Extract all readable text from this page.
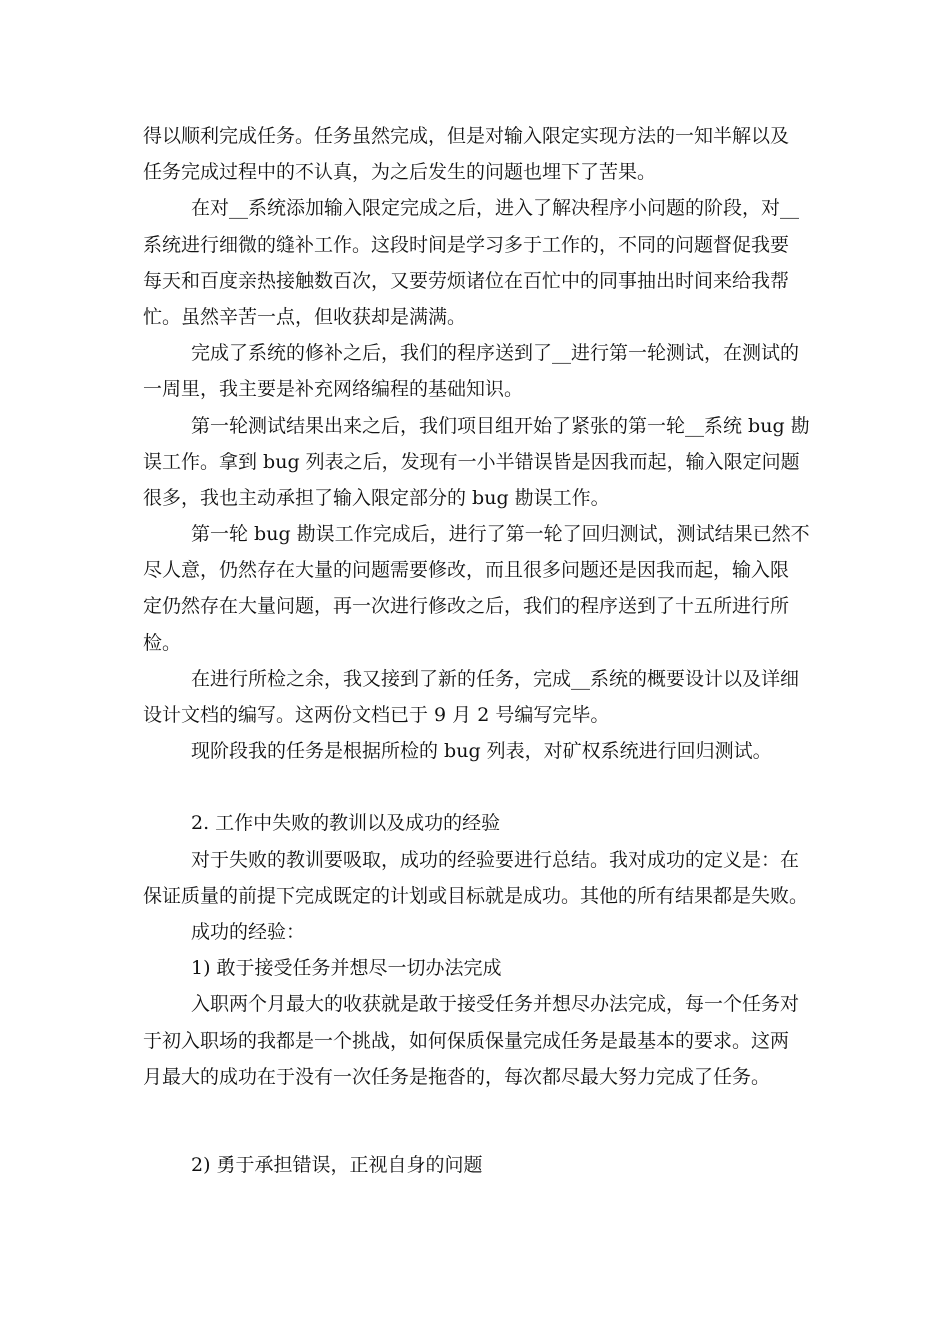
得以顺利完成任务。任务虽然完成，但是对输入限定实现方法的一知半解以及
任务完成过程中的不认真，为之后发生的问题也埋下了苦果。
在对__系统添加输入限定完成之后，进入了解决程序小问题的阶段，对__
系统进行细微的缝补工作。这段时间是学习多于工作的，不同的问题督促我要
每天和百度亲热接触数百次，又要劳烦诸位在百忙中的同事抽出时间来给我帮
忙。虽然辛苦一点，但收获却是满满。
完成了系统的修补之后，我们的程序送到了__进行第一轮测试，在测试的
一周里，我主要是补充网络编程的基础知识。
第一轮测试结果出来之后，我们项目组开始了紧张的第一轮__系统 bug 勘
误工作。拿到 bug 列表之后，发现有一小半错误皆是因我而起，输入限定问题
很多，我也主动承担了输入限定部分的 bug 勘误工作。
第一轮 bug 勘误工作完成后，进行了第一轮了回归测试，测试结果已然不
尽人意，仍然存在大量的问题需要修改，而且很多问题还是因我而起，输入限
定仍然存在大量问题，再一次进行修改之后，我们的程序送到了十五所进行所
检。
在进行所检之余，我又接到了新的任务，完成__系统的概要设计以及详细
设计文档的编写。这两份文档已于 9 月 2 号编写完毕。
现阶段我的任务是根据所检的 bug 列表，对矿权系统进行回归测试。
2. 工作中失败的教训以及成功的经验
对于失败的教训要吸取，成功的经验要进行总结。我对成功的定义是：在
保证质量的前提下完成既定的计划或目标就是成功。其他的所有结果都是失败。
成功的经验：
1) 敢于接受任务并想尽一切办法完成
入职两个月最大的收获就是敢于接受任务并想尽办法完成，每一个任务对
于初入职场的我都是一个挑战，如何保质保量完成任务是最基本的要求。这两
月最大的成功在于没有一次任务是拖沓的，每次都尽最大努力完成了任务。
2) 勇于承担错误，正视自身的问题
